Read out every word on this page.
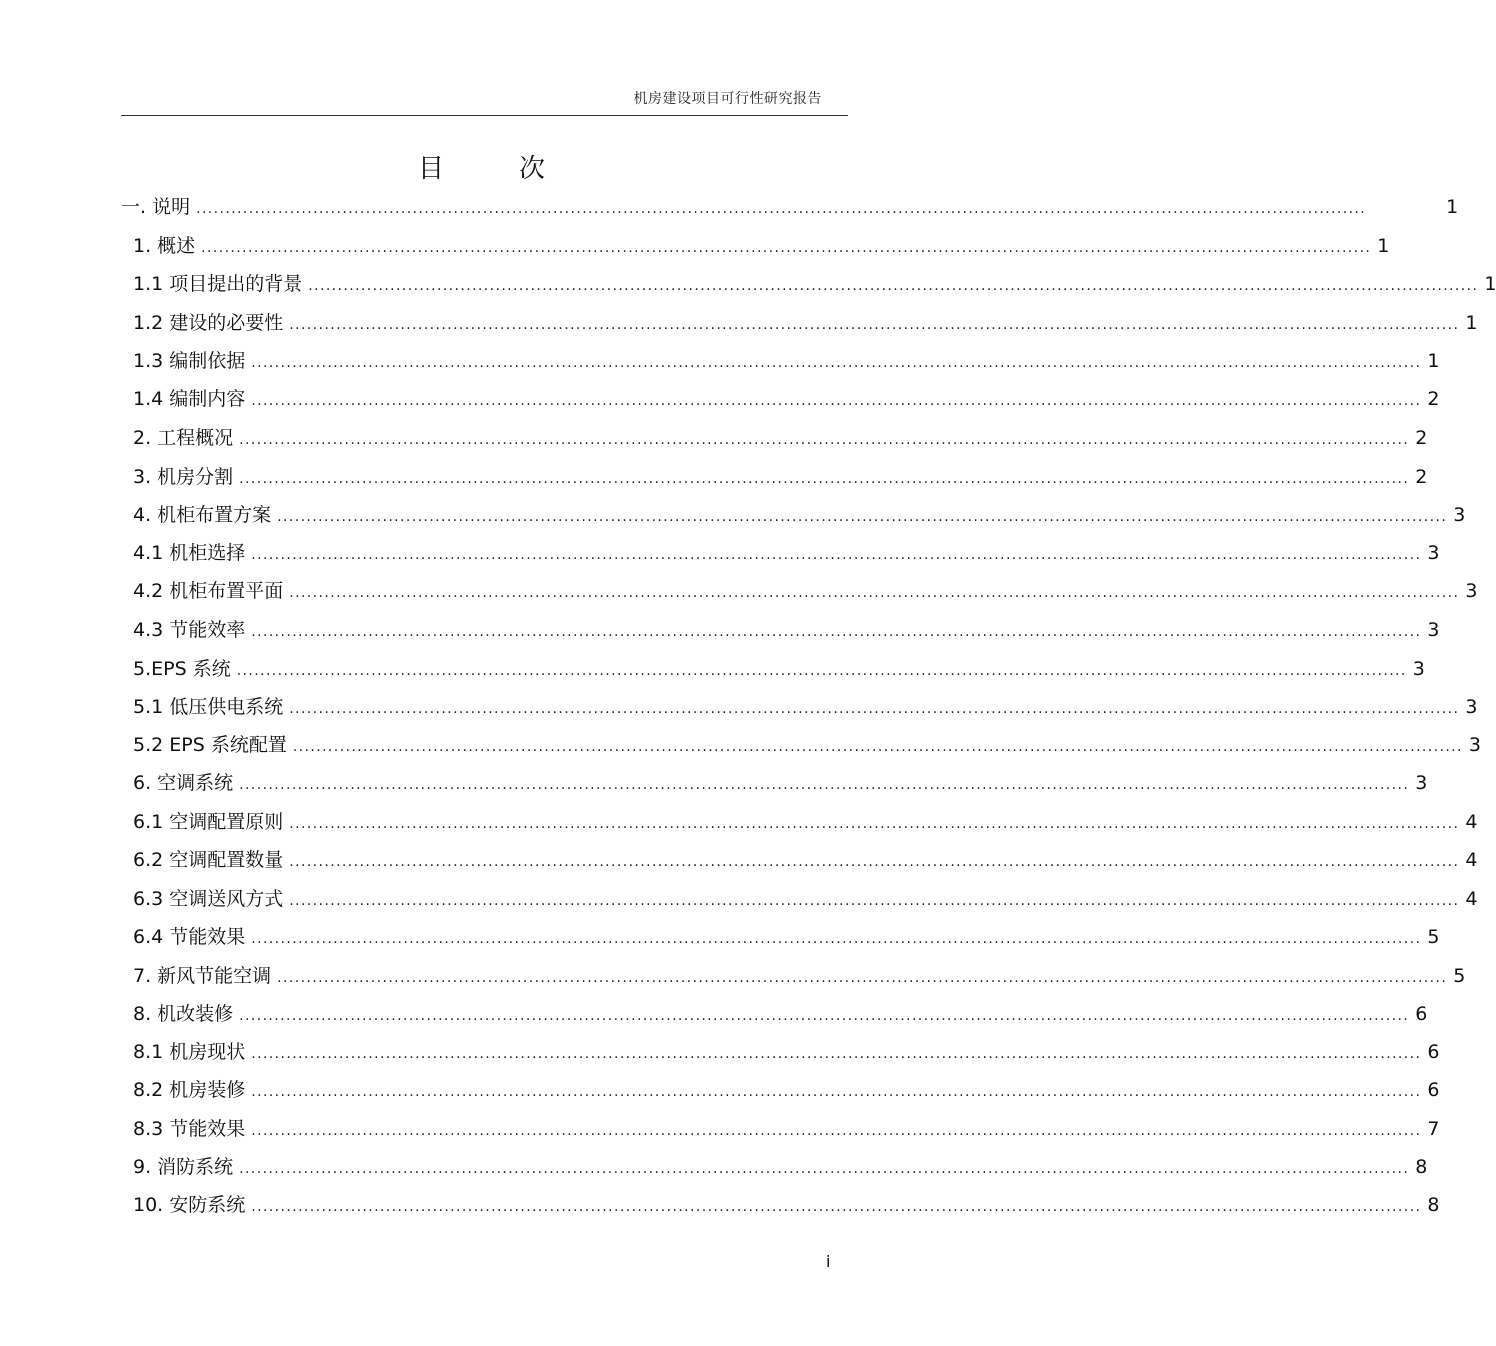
机房建设项目可行性研究报告
目	次
一. 说明 ........................................................................................................................................................................................................	1
1. 概述 ........................................................................................................................................................................................................ 1
1.1 项目提出的背景 ........................................................................................................................................................................................................ 1
1.2 建设的必要性 ........................................................................................................................................................................................................ 1
1.3 编制依据 ........................................................................................................................................................................................................ 1
1.4 编制内容 ........................................................................................................................................................................................................ 2
2. 工程概况 ........................................................................................................................................................................................................ 2
3. 机房分割 ........................................................................................................................................................................................................ 2
4. 机柜布置方案 ........................................................................................................................................................................................................ 3
4.1 机柜选择 ........................................................................................................................................................................................................ 3
4.2 机柜布置平面 ........................................................................................................................................................................................................ 3
4.3 节能效率 ........................................................................................................................................................................................................ 3
5.EPS 系统 ........................................................................................................................................................................................................ 3
5.1 低压供电系统 ........................................................................................................................................................................................................ 3
5.2 EPS 系统配置 ........................................................................................................................................................................................................ 3
6. 空调系统 ........................................................................................................................................................................................................ 3
6.1 空调配置原则 ........................................................................................................................................................................................................ 4
6.2 空调配置数量 ........................................................................................................................................................................................................ 4
6.3 空调送风方式 ........................................................................................................................................................................................................ 4
6.4 节能效果 ........................................................................................................................................................................................................ 5
7. 新风节能空调 ........................................................................................................................................................................................................ 5
8. 机改装修 ........................................................................................................................................................................................................ 6
8.1 机房现状 ........................................................................................................................................................................................................ 6
8.2 机房装修 ........................................................................................................................................................................................................ 6
8.3 节能效果 ........................................................................................................................................................................................................ 7
9. 消防系统 ........................................................................................................................................................................................................ 8
10. 安防系统 ........................................................................................................................................................................................................ 8
i
